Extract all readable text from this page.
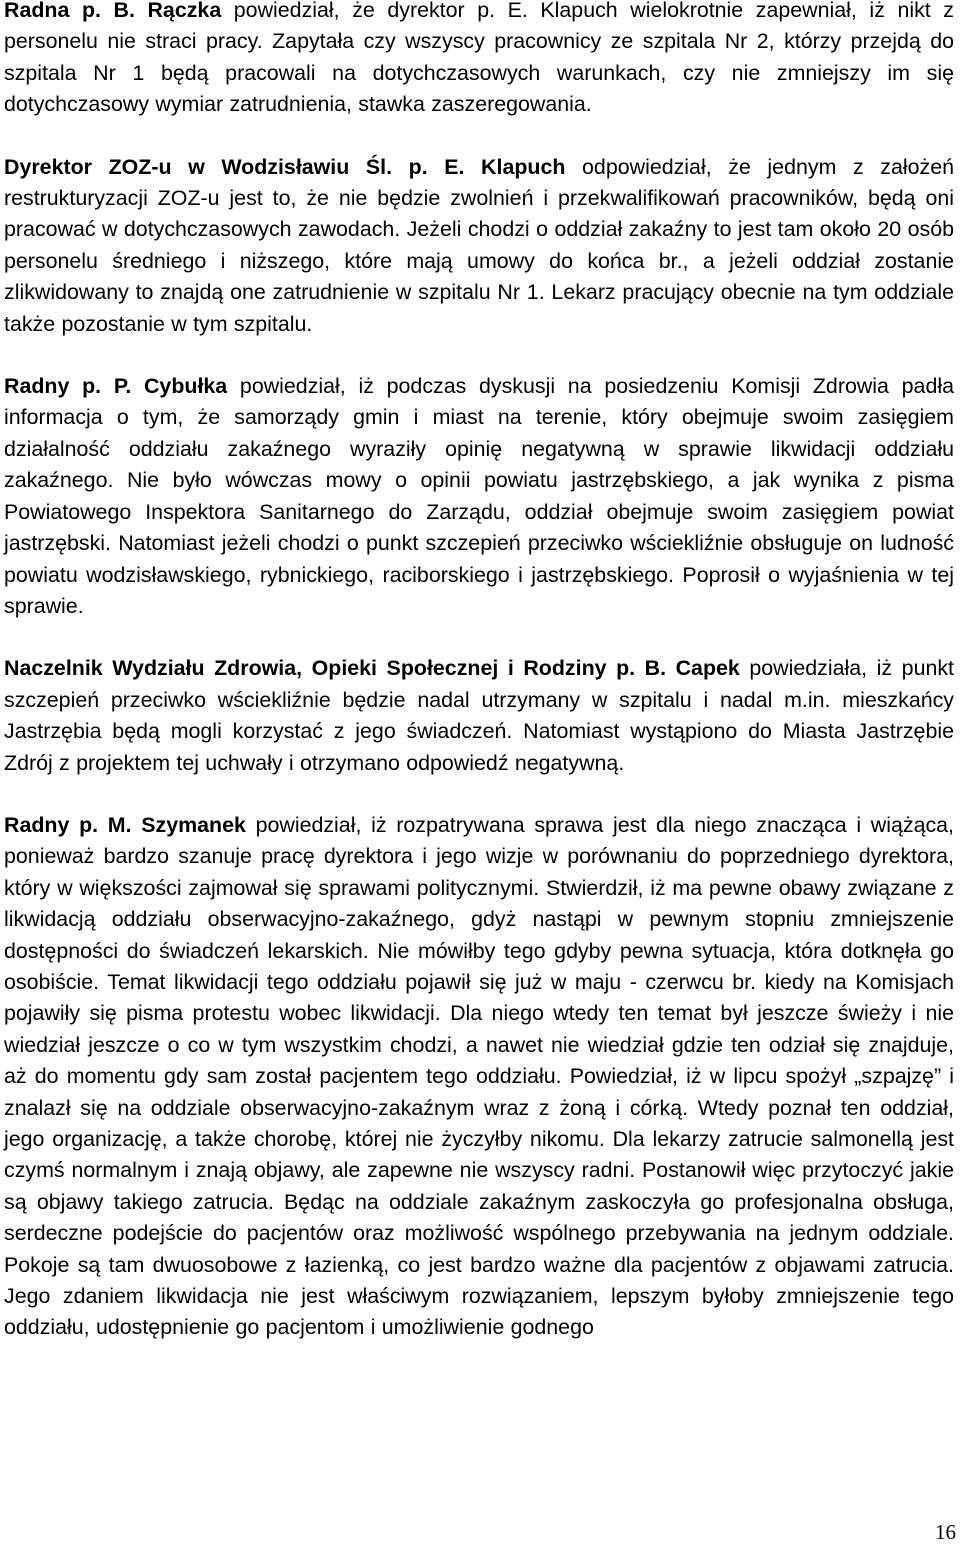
Radna p. B. Rączka powiedział, że dyrektor p. E. Klapuch wielokrotnie zapewniał, iż nikt z personelu nie straci pracy. Zapytała czy wszyscy pracownicy ze szpitala Nr 2, którzy przejdą do szpitala Nr 1 będą pracowali na dotychczasowych warunkach, czy nie zmniejszy im się dotychczasowy wymiar zatrudnienia, stawka zaszeregowania.

Dyrektor ZOZ-u w Wodzisławiu Śl. p. E. Klapuch odpowiedział, że jednym z założeń restrukturyzacji ZOZ-u jest to, że nie będzie zwolnień i przekwalifikowań pracowników, będą oni pracować w dotychczasowych zawodach. Jeżeli chodzi o oddział zakaźny to jest tam około 20 osób personelu średniego i niższego, które mają umowy do końca br., a jeżeli oddział zostanie zlikwidowany to znajdą one zatrudnienie w szpitalu Nr 1. Lekarz pracujący obecnie na tym oddziale także pozostanie w tym szpitalu.

Radny p. P. Cybułka powiedział, iż podczas dyskusji na posiedzeniu Komisji Zdrowia padła informacja o tym, że samorządy gmin i miast na terenie, który obejmuje swoim zasięgiem działalność oddziału zakaźnego wyraziły opinię negatywną w sprawie likwidacji oddziału zakaźnego. Nie było wówczas mowy o opinii powiatu jastrzębskiego, a jak wynika z pisma Powiatowego Inspektora Sanitarnego do Zarządu, oddział obejmuje swoim zasięgiem powiat jastrzębski. Natomiast jeżeli chodzi o punkt szczepień przeciwko wściekliźnie obsługuje on ludność powiatu wodzisławskiego, rybnickiego, raciborskiego i jastrzębskiego. Poprosił o wyjaśnienia w tej sprawie.

Naczelnik Wydziału Zdrowia, Opieki Społecznej i Rodziny p. B. Capek powiedziała, iż punkt szczepień przeciwko wściekliźnie będzie nadal utrzymany w szpitalu i nadal m.in. mieszkańcy Jastrzębia będą mogli korzystać z jego świadczeń. Natomiast wystąpiono do Miasta Jastrzębie Zdrój z projektem tej uchwały i otrzymano odpowiedź negatywną.

Radny p. M. Szymanek powiedział, iż rozpatrywana sprawa jest dla niego znacząca i wiążąca, ponieważ bardzo szanuje pracę dyrektora i jego wizje w porównaniu do poprzedniego dyrektora, który w większości zajmował się sprawami politycznymi. Stwierdził, iż ma pewne obawy związane z likwidacją oddziału obserwacyjno-zakaźnego, gdyż nastąpi w pewnym stopniu zmniejszenie dostępności do świadczeń lekarskich. Nie mówiłby tego gdyby pewna sytuacja, która dotknęła go osobiście. Temat likwidacji tego oddziału pojawił się już w maju - czerwcu br. kiedy na Komisjach pojawiły się pisma protestu wobec likwidacji. Dla niego wtedy ten temat był jeszcze świeży i nie wiedział jeszcze o co w tym wszystkim chodzi, a nawet nie wiedział gdzie ten odział się znajduje, aż do momentu gdy sam został pacjentem tego oddziału. Powiedział, iż w lipcu spożył „szpajzę” i znalazł się na oddziale obserwacyjno-zakaźnym wraz z żoną i córką. Wtedy poznał ten oddział, jego organizację, a także chorobę, której nie życzyłby nikomu. Dla lekarzy zatrucie salmonellą jest czymś normalnym i znają objawy, ale zapewne nie wszyscy radni. Postanowił więc przytoczyć jakie są objawy takiego zatrucia. Będąc na oddziale zakaźnym zaskoczyła go profesjonalna obsługa, serdeczne podejście do pacjentów oraz możliwość wspólnego przebywania na jednym oddziale. Pokoje są tam dwuosobowe z łazienką, co jest bardzo ważne dla pacjentów z objawami zatrucia. Jego zdaniem likwidacja nie jest właściwym rozwiązaniem, lepszym byłoby zmniejszenie tego oddziału, udostępnienie go pacjentom i umożliwienie godnego

16
